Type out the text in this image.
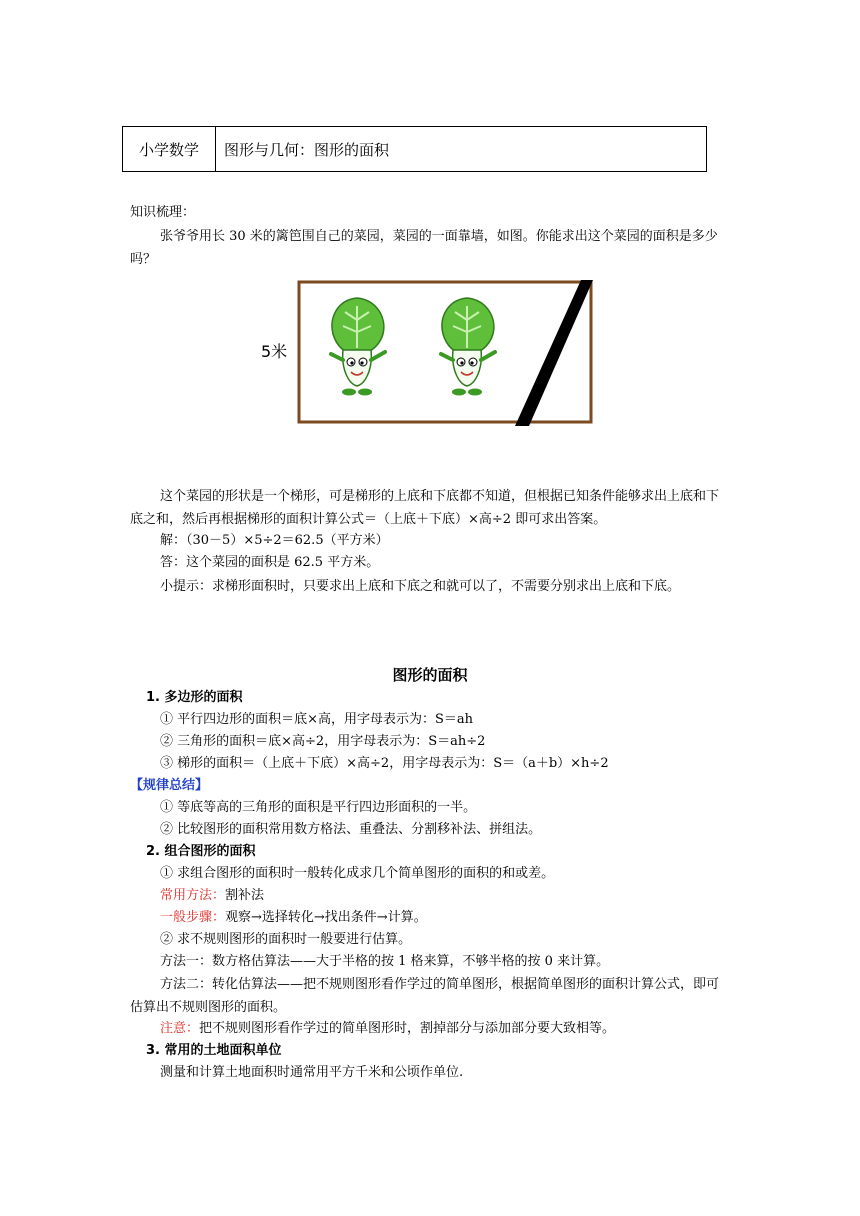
小学数学	图形与几何：图形的面积
知识梳理：
张爷爷用长 30 米的篱笆围自己的菜园，菜园的一面靠墙，如图。你能求出这个菜园的面积是多少吗？
5米
这个菜园的形状是一个梯形，可是梯形的上底和下底都不知道，但根据已知条件能够求出上底和下底之和，然后再根据梯形的面积计算公式＝（上底＋下底）×高÷2 即可求出答案。
解：（30－5）×5÷2＝62.5（平方米）
答：这个菜园的面积是 62.5 平方米。
小提示：求梯形面积时，只要求出上底和下底之和就可以了，不需要分别求出上底和下底。
图形的面积
1. 多边形的面积
① 平行四边形的面积＝底×高，用字母表示为：S＝ah
② 三角形的面积＝底×高÷2，用字母表示为：S＝ah÷2
③ 梯形的面积＝（上底＋下底）×高÷2，用字母表示为：S＝（a＋b）×h÷2
【规律总结】
① 等底等高的三角形的面积是平行四边形面积的一半。
② 比较图形的面积常用数方格法、重叠法、分割移补法、拼组法。
2. 组合图形的面积
① 求组合图形的面积时一般转化成求几个简单图形的面积的和或差。
常用方法：割补法
一般步骤：观察→选择转化→找出条件→计算。
② 求不规则图形的面积时一般要进行估算。
方法一：数方格估算法——大于半格的按 1 格来算，不够半格的按 0 来计算。
方法二：转化估算法——把不规则图形看作学过的简单图形，根据简单图形的面积计算公式，即可估算出不规则图形的面积。
注意：把不规则图形看作学过的简单图形时，割掉部分与添加部分要大致相等。
3. 常用的土地面积单位
测量和计算土地面积时通常用平方千米和公顷作单位.
